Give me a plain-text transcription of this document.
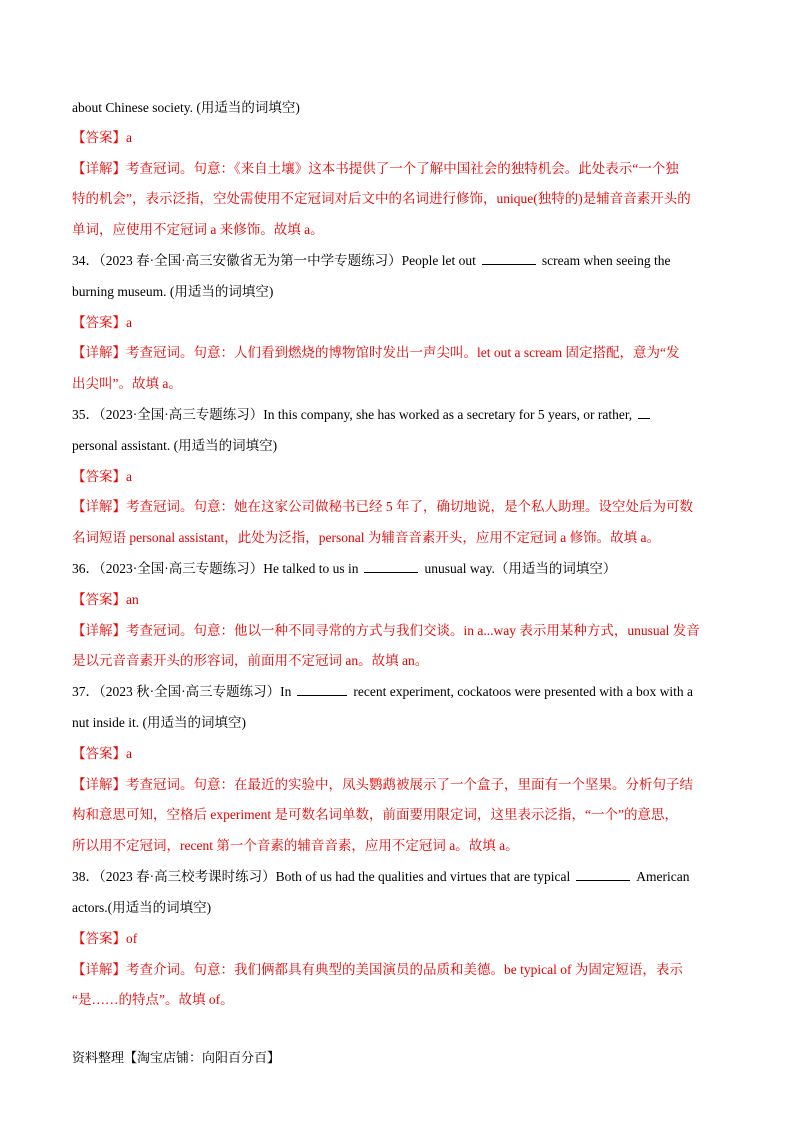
about Chinese society. (用适当的词填空)
【答案】a
【详解】考查冠词。句意：《来自土壤》这本书提供了一个了解中国社会的独特机会。此处表示“一个独
特的机会”，表示泛指，空处需使用不定冠词对后文中的名词进行修饰，unique(独特的)是辅音音素开头的
单词，应使用不定冠词 a 来修饰。故填 a。
34．（2023 春·全国·高三安徽省无为第一中学专题练习）People let out	scream when seeing the
burning museum. (用适当的词填空)
【答案】a
【详解】考查冠词。句意：人们看到燃烧的博物馆时发出一声尖叫。let out a scream 固定搭配，意为“发
出尖叫”。故填 a。
35．（2023·全国·高三专题练习）In this company, she has worked as a secretary for 5 years, or rather,
personal assistant. (用适当的词填空)
【答案】a
【详解】考查冠词。句意：她在这家公司做秘书已经 5 年了，确切地说，是个私人助理。设空处后为可数
名词短语 personal assistant，此处为泛指，personal 为辅音音素开头，应用不定冠词 a 修饰。故填 a。
36．（2023·全国·高三专题练习）He talked to us in	unusual way.（用适当的词填空）
【答案】an
【详解】考查冠词。句意：他以一种不同寻常的方式与我们交谈。in a...way 表示用某种方式，unusual 发音
是以元音音素开头的形容词，前面用不定冠词 an。故填 an。
37．（2023 秋·全国·高三专题练习）In	recent experiment, cockatoos were presented with a box with a
nut inside it. (用适当的词填空)
【答案】a
【详解】考查冠词。句意：在最近的实验中，凤头鹦鹉被展示了一个盒子，里面有一个坚果。分析句子结
构和意思可知，空格后 experiment 是可数名词单数，前面要用限定词，这里表示泛指，“一个”的意思，
所以用不定冠词，recent 第一个音素的辅音音素，应用不定冠词 a。故填 a。
38．（2023 春·高三校考课时练习）Both of us had the qualities and virtues that are typical	American
actors.(用适当的词填空)
【答案】of
【详解】考查介词。句意：我们俩都具有典型的美国演员的品质和美德。be typical of 为固定短语，表示
“是……的特点”。故填 of。
资料整理【淘宝店铺：向阳百分百】
